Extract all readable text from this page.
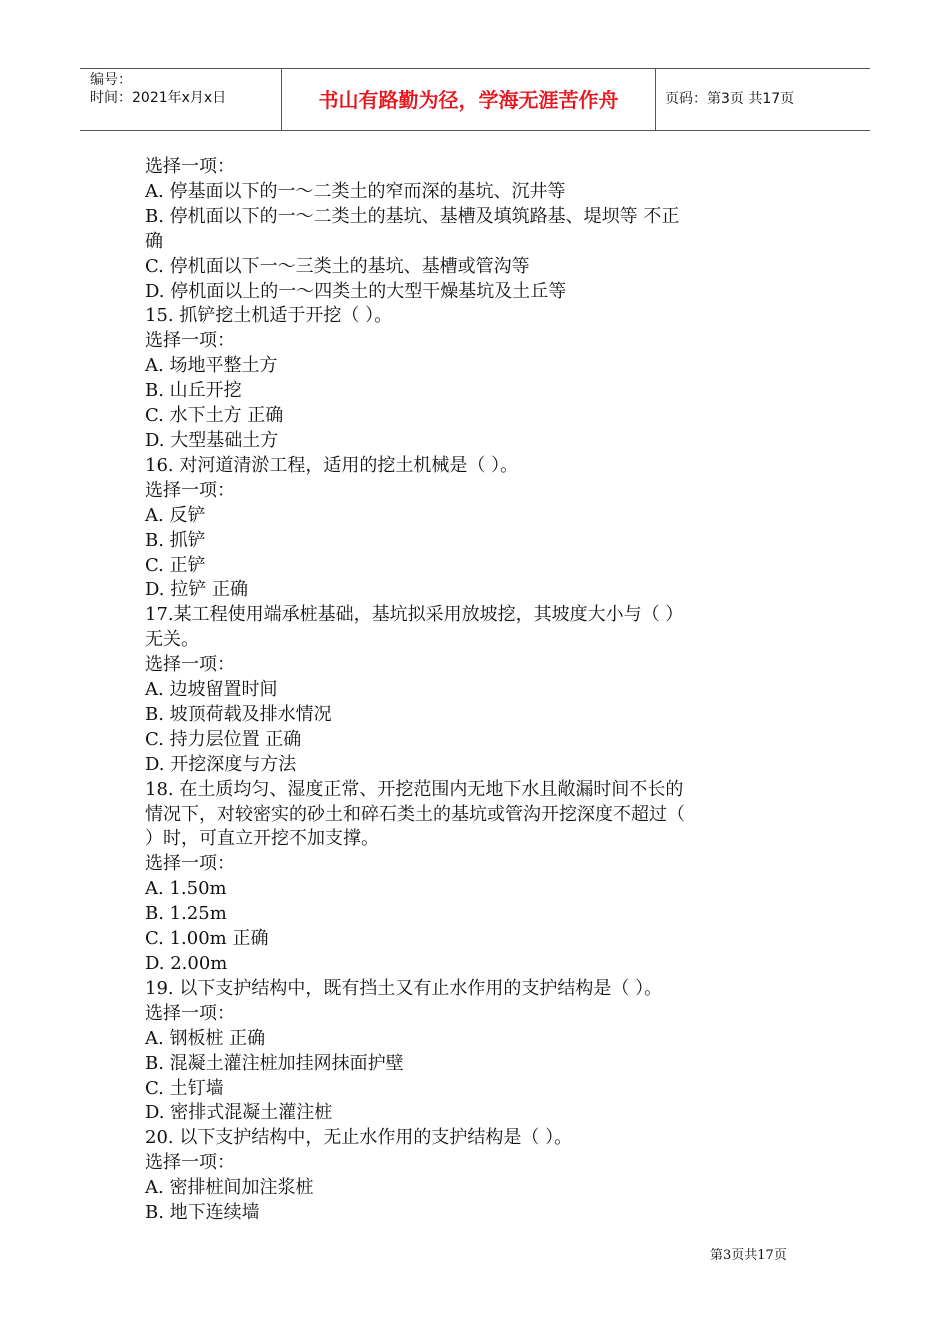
编号：
时间：2021年x月x日	书山有路勤为径，学海无涯苦作舟	页码：第3页 共17页
选择一项：
A. 停基面以下的一～二类土的窄而深的基坑、沉井等
B. 停机面以下的一～二类土的基坑、基槽及填筑路基、堤坝等 不正
确
C. 停机面以下一～三类土的基坑、基槽或管沟等
D. 停机面以上的一～四类土的大型干燥基坑及土丘等
15. 抓铲挖土机适于开挖（ ）。
选择一项：
A. 场地平整土方
B. 山丘开挖
C. 水下土方 正确
D. 大型基础土方
16. 对河道清淤工程，适用的挖土机械是（ ）。
选择一项：
A. 反铲
B. 抓铲
C. 正铲
D. 拉铲 正确
17.某工程使用端承桩基础，基坑拟采用放坡挖，其坡度大小与（ ）
无关。
选择一项：
A. 边坡留置时间
B. 坡顶荷载及排水情况
C. 持力层位置 正确
D. 开挖深度与方法
18. 在土质均匀、湿度正常、开挖范围内无地下水且敞漏时间不长的
情况下，对较密实的砂土和碎石类土的基坑或管沟开挖深度不超过（
）时，可直立开挖不加支撑。
选择一项：
A. 1.50m
B. 1.25m
C. 1.00m 正确
D. 2.00m
19. 以下支护结构中，既有挡土又有止水作用的支护结构是（ ）。
选择一项：
A. 钢板桩 正确
B. 混凝土灌注桩加挂网抹面护壁
C. 土钉墙
D. 密排式混凝土灌注桩
20. 以下支护结构中，无止水作用的支护结构是（ ）。
选择一项：
A. 密排桩间加注浆桩
B. 地下连续墙
第3页共17页
